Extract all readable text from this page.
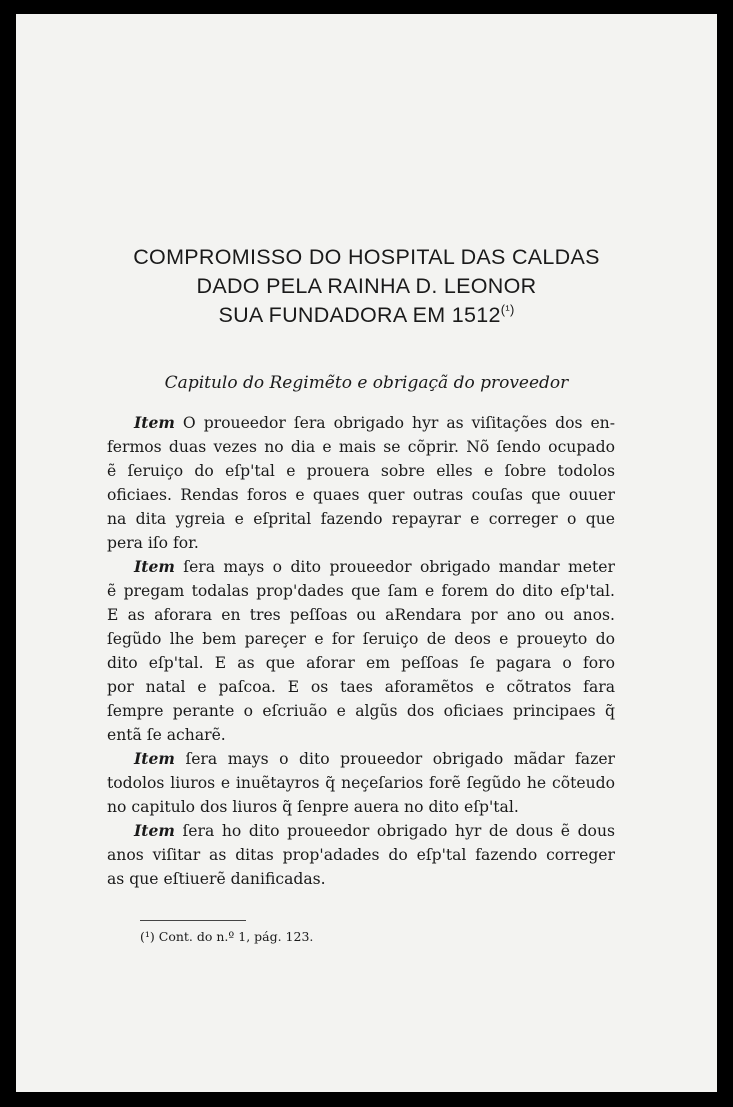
COMPROMISSO DO HOSPITAL DAS CALDAS
DADO PELA RAINHA D. LEONOR
SUA FUNDADORA EM $1512^{(^1)}$
Capitulo do Regimẽto e obrigaçã do proveedor
Item O proueedor ſera obrigado hyr as viſitações dos en-
fermos duas vezes no dia e mais se cõprir. Nõ ſendo ocupado
ẽ ſeruiço do eſp'tal e prouera sobre elles e ſobre todolos
oficiaes. Rendas foros e quaes quer outras couſas que ouuer
na dita ygreia e eſprital fazendo repayrar e correger o que
pera iſo for.
Item ſera mays o dito proueedor obrigado mandar meter
ẽ pregam todalas prop'dades que ſam e forem do dito eſp'tal.
E as aforara en tres peſſoas ou aRendara por ano ou anos.
ſegũdo lhe bem pareçer e for ſeruiço de deos e proueyto do
dito eſp'tal. E as que aforar em peſſoas ſe pagara o foro
por natal e paſcoa. E os taes aforamẽtos e cõtratos fara
ſempre perante o eſcriuão e algũs dos oficiaes principaes q̃
entã ſe acharẽ.
Item ſera mays o dito proueedor obrigado mãdar fazer
todolos liuros e inuẽtayros q̃ neçeſarios forẽ ſegũdo he cõteudo
no capitulo dos liuros q̃ ſenpre auera no dito eſp'tal.
Item ſera ho dito proueedor obrigado hyr de dous ẽ dous
anos viſitar as ditas prop'adades do eſp'tal fazendo correger
as que eſtiuerẽ danificadas.
(¹) Cont. do n.º 1, pág. 123.
